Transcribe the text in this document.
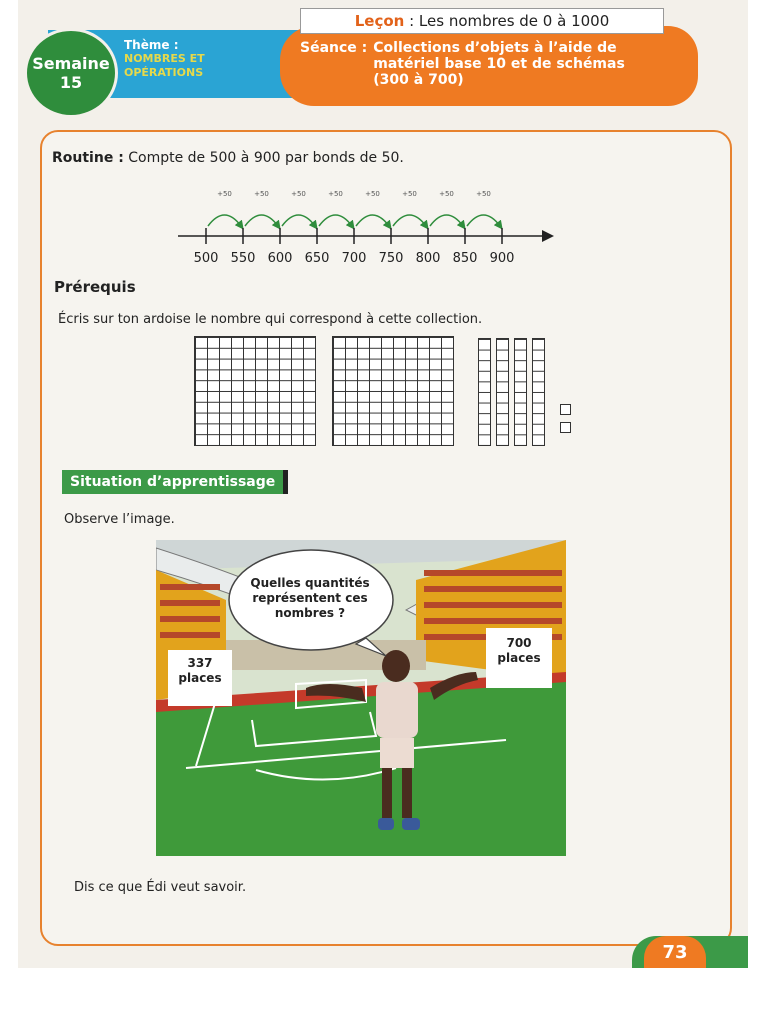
Semaine
15
Thème :
NOMBRES ET
OPÉRATIONS
Leçon : Les nombres de 0 à 1000
Séance : Collections d’objets à l’aide de matériel base 10 et de schémas (300 à 700)
Routine : Compte de 500 à 900 par bonds de 50.
+50	+50	+50	+50	+50	+50	+50	+50
500 550 600 650 700 750 800 850 900
Prérequis
Écris sur ton ardoise le nombre qui correspond à cette collection.
Situation d’apprentissage
Observe l’image.
Quelles quantités représentent ces nombres ?
337
places
700
places
Dis ce que Édi veut savoir.
73
